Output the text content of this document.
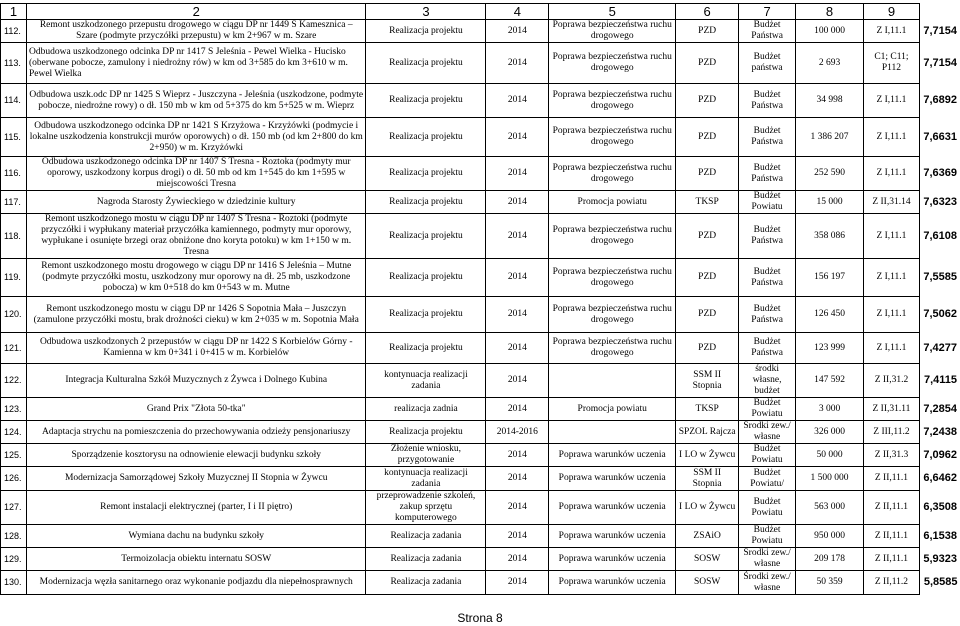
1	2	3	4	5	6	7	8	9	
112.	Remont uszkodzonego przepustu drogowego w ciągu DP nr 1449 S Kamesznica – Szare (podmyte przyczółki przepustu) w km 2+967 w m. Szare	Realizacja projektu	2014	Poprawa bezpieczeństwa ruchu drogowego	PZD	Budżet Państwa	100 000	Z I,11.1	7,7154
113.	Odbudowa uszkodzonego odcinka DP nr 1417 S Jeleśnia - Pewel Wielka - Hucisko (oberwane pobocze, zamulony i niedrożny rów) w km od 3+585 do km 3+610 w m. Pewel Wielka	Realizacja projektu	2014	Poprawa bezpieczeństwa ruchu drogowego	PZD	Budżet państwa	2 693	C1; C11; P112	7,7154
114.	Odbudowa uszk.odc DP nr 1425 S Wieprz - Juszczyna - Jeleśnia (uszkodzone, podmyte pobocze, niedrożne rowy) o dł. 150 mb w km od 5+375 do km 5+525 w m. Wieprz	Realizacja projektu	2014	Poprawa bezpieczeństwa ruchu drogowego	PZD	Budżet Państwa	34 998	Z I,11.1	7,6892
115.	Odbudowa uszkodzonego odcinka DP nr 1421 S Krzyżowa - Krzyżówki (podmycie i lokalne uszkodzenia konstrukcji murów oporowych) o dł. 150 mb (od km 2+800 do km 2+950) w m. Krzyżówki	Realizacja projektu	2014	Poprawa bezpieczeństwa ruchu drogowego	PZD	Budżet Państwa	1 386 207	Z I,11.1	7,6631
116.	Odbudowa uszkodzonego odcinka DP nr 1407 S Tresna - Roztoka (podmyty mur oporowy, uszkodzony korpus drogi) o dł. 50 mb od km 1+545 do km 1+595 w miejscowości Tresna	Realizacja projektu	2014	Poprawa bezpieczeństwa ruchu drogowego	PZD	Budżet Państwa	252 590	Z I,11.1	7,6369
117.	Nagroda Starosty Żywieckiego w dziedzinie kultury	Realizacja projektu	2014	Promocja powiatu	TKSP	Budżet Powiatu	15 000	Z II,31.14	7,6323
118.	Remont uszkodzonego mostu w ciągu DP nr 1407 S Tresna - Roztoki (podmyte przyczółki i wypłukany materiał przyczółka kamiennego, podmyty mur oporowy, wypłukane i osunięte brzegi oraz obniżone dno koryta potoku) w km 1+150 w m. Tresna	Realizacja projektu	2014	Poprawa bezpieczeństwa ruchu drogowego	PZD	Budżet Państwa	358 086	Z I,11.1	7,6108
119.	Remont uszkodzonego mostu drogowego w ciągu DP nr 1416 S Jeleśnia – Mutne (podmyte przyczółki mostu, uszkodzony mur oporowy na dł. 25 mb, uszkodzone pobocza) w km 0+518 do km 0+543 w m. Mutne	Realizacja projektu	2014	Poprawa bezpieczeństwa ruchu drogowego	PZD	Budżet Państwa	156 197	Z I,11.1	7,5585
120.	Remont uszkodzonego mostu w ciągu DP nr 1426 S Sopotnia Mała – Juszczyn (zamulone przyczółki mostu, brak drożności cieku) w km 2+035 w m. Sopotnia Mała	Realizacja projektu	2014	Poprawa bezpieczeństwa ruchu drogowego	PZD	Budżet Państwa	126 450	Z I,11.1	7,5062
121.	Odbudowa uszkodzonych 2 przepustów w ciągu DP nr 1422 S Korbielów Górny - Kamienna w km 0+341 i 0+415 w m. Korbielów	Realizacja projektu	2014	Poprawa bezpieczeństwa ruchu drogowego	PZD	Budżet Państwa	123 999	Z I,11.1	7,4277
122.	Integracja Kulturalna Szkół Muzycznych z Żywca i Dolnego Kubina	kontynuacja realizacji zadania	2014		SSM II Stopnia	środki własne, budżet	147 592	Z II,31.2	7,4115
123.	Grand Prix "Złota 50-tka"	realizacja zadnia	2014	Promocja powiatu	TKSP	Budżet Powiatu	3 000	Z II,31.11	7,2854
124.	Adaptacja strychu na pomieszczenia do przechowywania odzieży pensjonariuszy	Realizacja projektu	2014-2016		SPZOL Rajcza	Środki zew./ własne	326 000	Z III,11.2	7,2438
125.	Sporządzenie kosztorysu na odnowienie elewacji budynku szkoły	Złożenie wniosku, przygotowanie	2014	Poprawa warunków uczenia	I LO w Żywcu	Budżet Powiatu	50 000	Z II,31.3	7,0962
126.	Modernizacja Samorządowej Szkoły Muzycznej II Stopnia w Żywcu	kontynuacja realizacji zadania	2014	Poprawa warunków uczenia	SSM II Stopnia	Budżet Powiatu/	1 500 000	Z II,11.1	6,6462
127.	Remont instalacji elektrycznej (parter, I i II piętro)	przeprowadzenie szkoleń, zakup sprzętu komputerowego	2014	Poprawa warunków uczenia	I LO w Żywcu	Budżet Powiatu	563 000	Z II,11.1	6,3508
128.	Wymiana dachu na budynku szkoły	Realizacja zadania	2014	Poprawa warunków uczenia	ZSAiO	Budżet Powiatu	950 000	Z II,11.1	6,1538
129.	Termoizolacja obiektu internatu SOSW	Realizacja zadania	2014	Poprawa warunków uczenia	SOSW	Środki zew./ własne	209 178	Z II,11.1	5,9323
130.	Modernizacja węzła sanitarnego oraz wykonanie podjazdu dla niepełnosprawnych	Realizacja zadania	2014	Poprawa warunków uczenia	SOSW	Środki zew./ własne	50 359	Z II,11.2	5,8585
Strona 8
